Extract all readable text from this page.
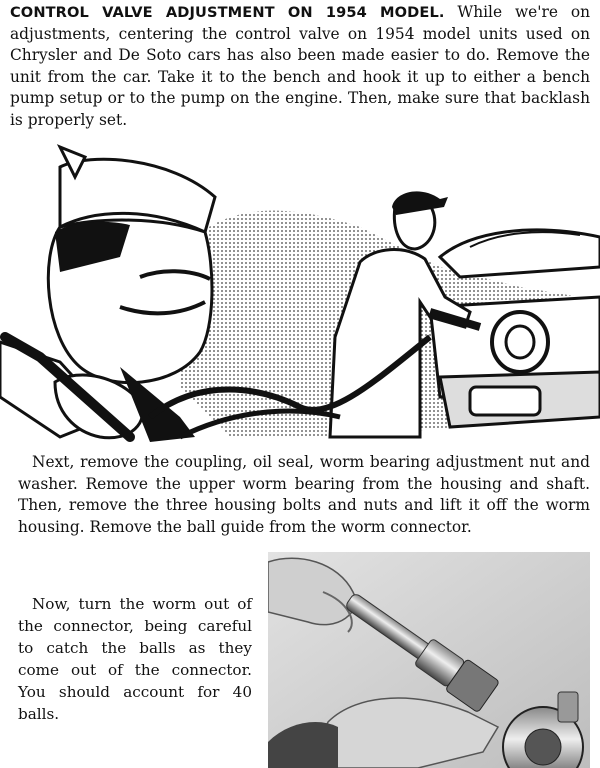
CONTROL VALVE ADJUSTMENT ON 1954 MODEL. While we're on adjustments, centering the control valve on 1954 model units used on Chrysler and De Soto cars has also been made easier to do. Remove the unit from the car. Take it to the bench and hook it up to either a bench pump setup or to the pump on the engine. Then, make sure that backlash is properly set.

Next, remove the coupling, oil seal, worm bearing adjustment nut and washer. Remove the upper worm bearing from the housing and shaft. Then, remove the three housing bolts and nuts and lift it off the worm housing. Remove the ball guide from the worm connector.

Now, turn the worm out of the connector, being careful to catch the balls as they come out of the connector. You should account for 40 balls.
